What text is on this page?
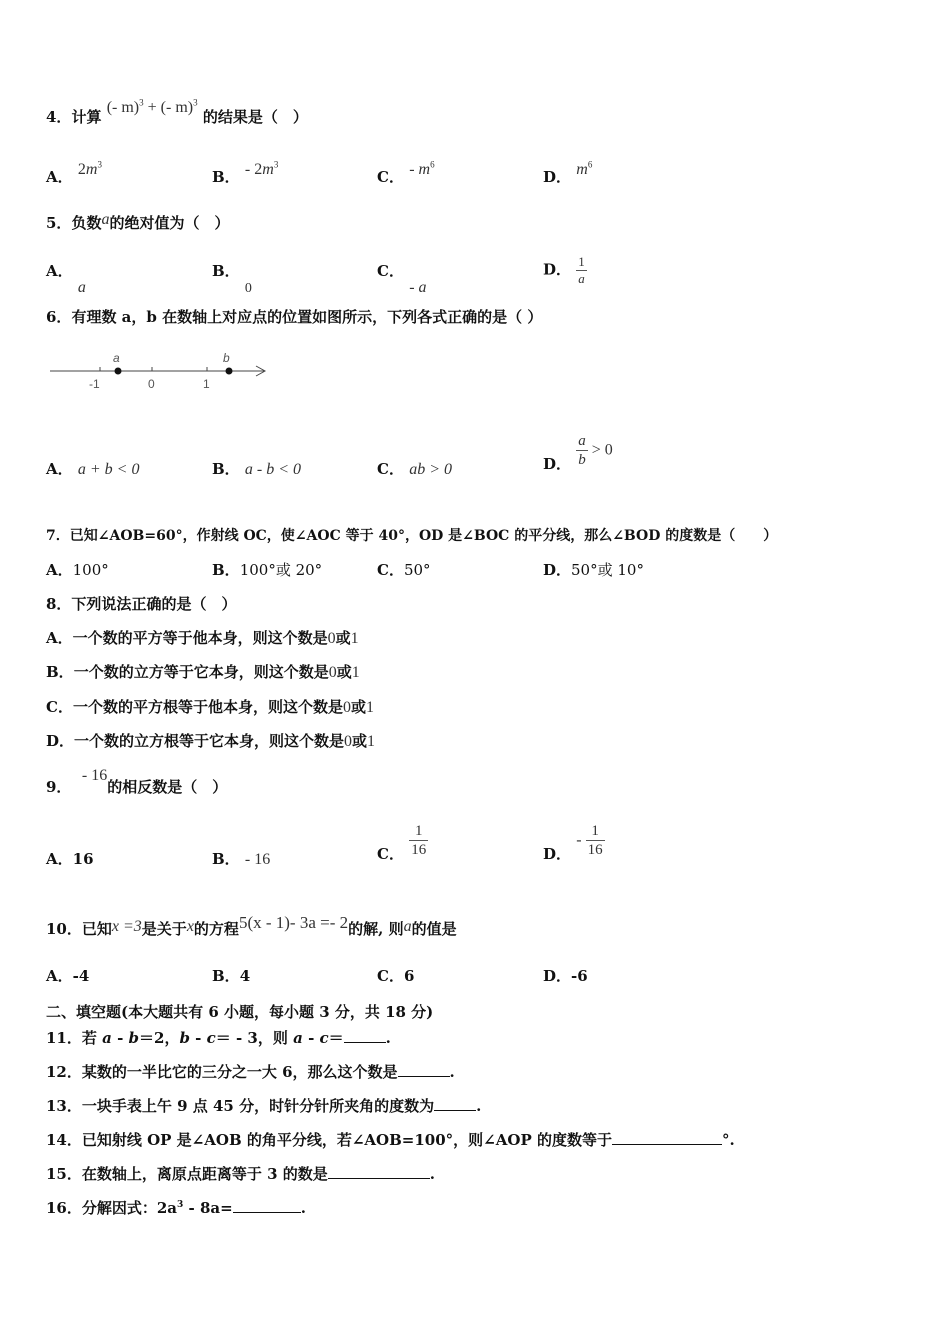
4．计算 (- m)$^3$ + (- m)$^3$ 的结果是（　）
A． $2m^3$
B． - $2m^3$
C． - $m^6$
D． $m^6$
5．负数a的绝对值为（　）
A． a
B． 0
C． - a
D． $\frac{1}{a}$
6．有理数 a，b 在数轴上对应点的位置如图所示，下列各式正确的是（ ）
a	b
-1	0	1
A． a + b < 0	B． a - b < 0	C． ab > 0	D． $\frac{a}{b} > 0$
7．已知∠AOB=60°，作射线 OC，使∠AOC 等于 40°，OD 是∠BOC 的平分线，那么∠BOD 的度数是（　　）
A．100°	B．100°或 20°	C．50°	D．50°或 10°
8．下列说法正确的是（　）
A．一个数的平方等于他本身，则这个数是0或1
B．一个数的立方等于它本身，则这个数是0或1
C．一个数的平方根等于他本身，则这个数是0或1
D．一个数的立方根等于它本身，则这个数是0或1
9．  - 16的相反数是（　）
A．16	B． - 16	C． $\frac{1}{16}$	D． - $\frac{1}{16}$
10．已知x =3是关于x的方程5(x - 1)- 3a =- 2的解, 则a的值是
A．-4	B．4	C．6	D．-6
二、填空题(本大题共有 6 小题，每小题 3 分，共 18 分)
11．若 a - b＝2，b - c＝ - 3，则 a - c＝	.
12．某数的一半比它的三分之一大 6，那么这个数是	.
13．一块手表上午 9 点 45 分，时针分针所夹角的度数为	.
14．已知射线 OP 是∠AOB 的角平分线，若∠AOB=100°，则∠AOP 的度数等于	°.
15．在数轴上，离原点距离等于 3 的数是	.
16．分解因式：$2a^3 - 8a=$	.
